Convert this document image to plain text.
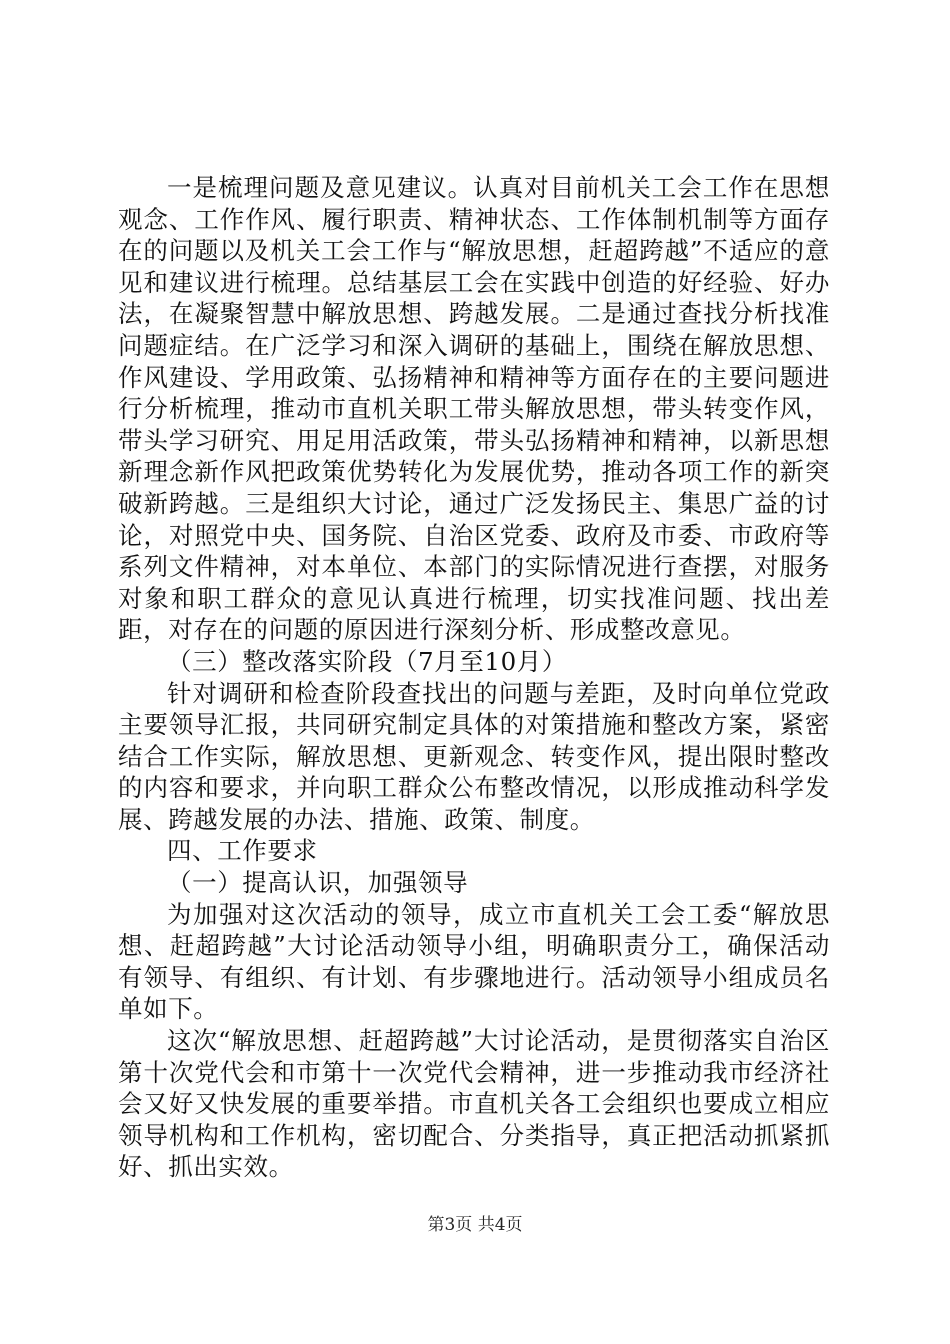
一是梳理问题及意见建议。认真对目前机关工会工作在思想观念、工作作风、履行职责、精神状态、工作体制机制等方面存在的问题以及机关工会工作与“解放思想，赶超跨越”不适应的意见和建议进行梳理。总结基层工会在实践中创造的好经验、好办法，在凝聚智慧中解放思想、跨越发展。二是通过查找分析找准问题症结。在广泛学习和深入调研的基础上，围绕在解放思想、作风建设、学用政策、弘扬精神和精神等方面存在的主要问题进行分析梳理，推动市直机关职工带头解放思想，带头转变作风，带头学习研究、用足用活政策，带头弘扬精神和精神，以新思想新理念新作风把政策优势转化为发展优势，推动各项工作的新突破新跨越。三是组织大讨论，通过广泛发扬民主、集思广益的讨论，对照党中央、国务院、自治区党委、政府及市委、市政府等系列文件精神，对本单位、本部门的实际情况进行查摆，对服务对象和职工群众的意见认真进行梳理，切实找准问题、找出差距，对存在的问题的原因进行深刻分析、形成整改意见。

（三）整改落实阶段（7月至10月）

针对调研和检查阶段查找出的问题与差距，及时向单位党政主要领导汇报，共同研究制定具体的对策措施和整改方案，紧密结合工作实际，解放思想、更新观念、转变作风，提出限时整改的内容和要求，并向职工群众公布整改情况，以形成推动科学发展、跨越发展的办法、措施、政策、制度。

四、工作要求

（一）提高认识，加强领导

为加强对这次活动的领导，成立市直机关工会工委“解放思想、赶超跨越”大讨论活动领导小组，明确职责分工，确保活动有领导、有组织、有计划、有步骤地进行。活动领导小组成员名单如下。

这次“解放思想、赶超跨越”大讨论活动，是贯彻落实自治区第十次党代会和市第十一次党代会精神，进一步推动我市经济社会又好又快发展的重要举措。市直机关各工会组织也要成立相应领导机构和工作机构，密切配合、分类指导，真正把活动抓紧抓好、抓出实效。

第3页 共4页
